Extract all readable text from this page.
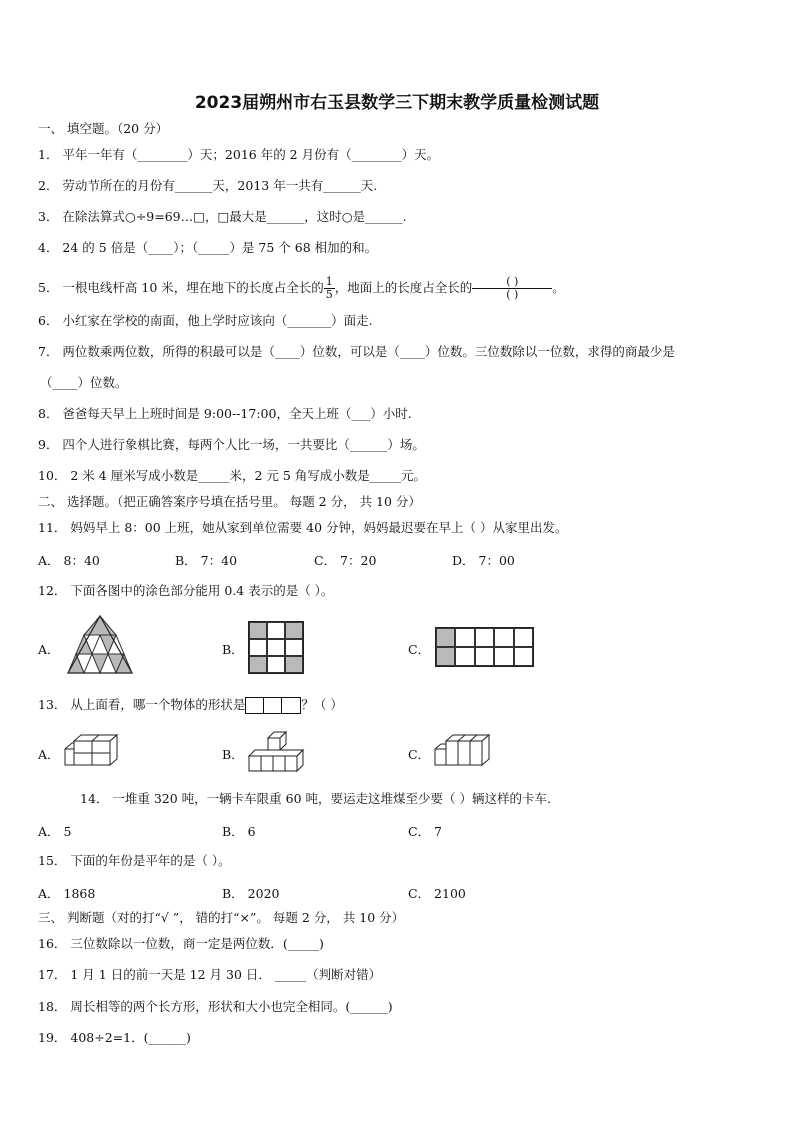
2023届朔州市右玉县数学三下期末教学质量检测试题
一、 填空题。（20 分）
1． 平年一年有（________）天；2016 年的 2 月份有（________）天。
2． 劳动节所在的月份有______天，2013 年一共有______天.
3． 在除法算式○÷9=69…□，□最大是______，这时○是______.
4． 24 的 5 倍是（____）；（_____）是 75 个 68 相加的和。
5． 一根电线杆高 10 米，埋在地下的长度占全长的 $\frac{1}{5}$ ，地面上的长度占全长的 $\frac{( )}{( )}$ 。
6． 小红家在学校的南面，他上学时应该向（_______）面走.
7． 两位数乘两位数，所得的积最可以是（____）位数，可以是（____）位数。三位数除以一位数，求得的商最少是
（____）位数。
8． 爸爸每天早上上班时间是 9:00--17:00，全天上班（___）小时.
9． 四个人进行象棋比赛，每两个人比一场，一共要比（______）场。
10． 2 米 4 厘米写成小数是_____米，2 元 5 角写成小数是_____元。
二、 选择题。（把正确答案序号填在括号里。 每题 2 分， 共 10 分）
11． 妈妈早上 8：00 上班，她从家到单位需要 40 分钟，妈妈最迟要在早上（ ）从家里出发。
A． 8：40	B． 7：40	C． 7：20	D． 7：00
12． 下面各图中的涂色部分能用 0.4 表示的是（ ）。
A．	B．	C．
13． 从上面看，哪一个物体的形状是	？（ ）
A．	B．	C．
14． 一堆重 320 吨，一辆卡车限重 60 吨，要运走这堆煤至少要（ ）辆这样的卡车.
A． 5	B． 6	C． 7
15． 下面的年份是平年的是（ ）。
A． 1868	B． 2020	C． 2100
三、 判断题（对的打“√ ”， 错的打“×”。 每题 2 分， 共 10 分）
16． 三位数除以一位数，商一定是两位数．(_____)
17． 1 月 1 日的前一天是 12 月 30 日． _____（判断对错）
18． 周长相等的两个长方形，形状和大小也完全相同。(______)
19． 408÷2=1．(______)
